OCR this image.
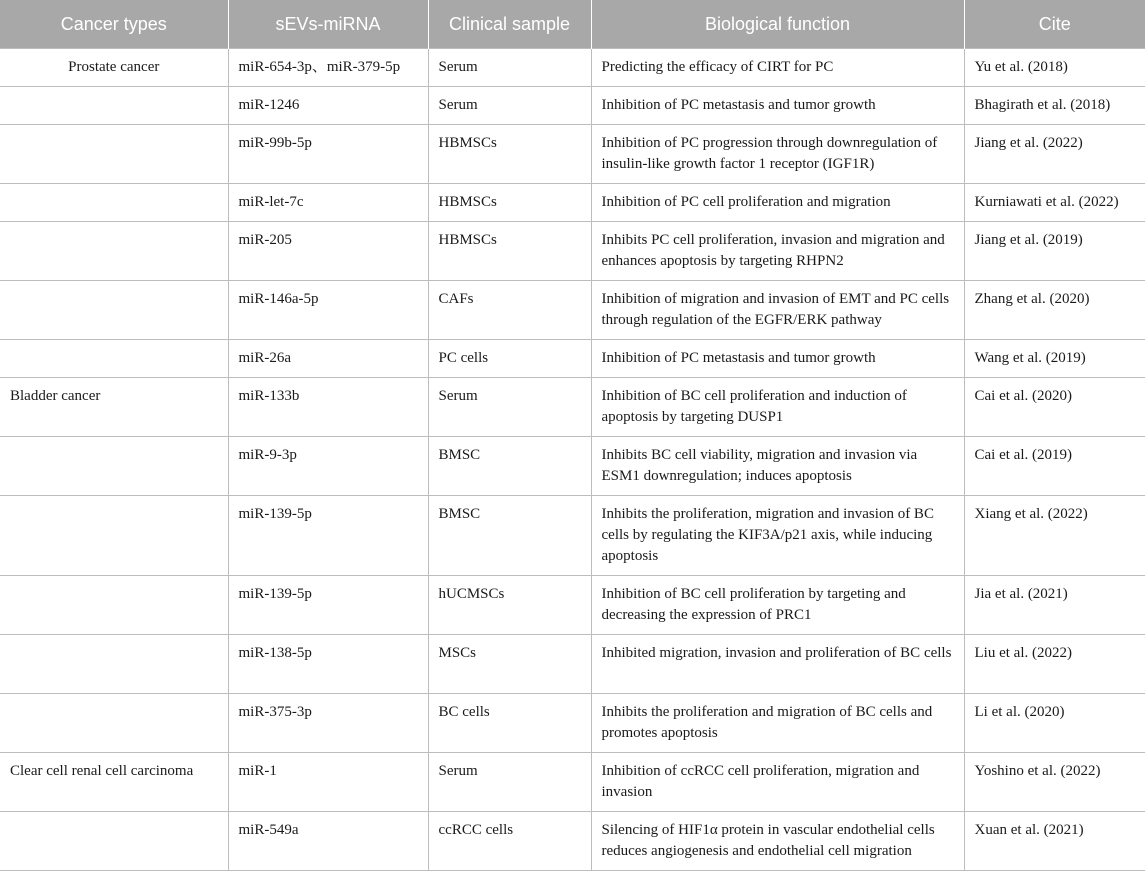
Cancer types	sEVs-miRNA	Clinical sample	Biological function	Cite
Prostate cancer	miR-654-3p、miR-379-5p	Serum	Predicting the efficacy of CIRT for PC	Yu et al. (2018)
	miR-1246	Serum	Inhibition of PC metastasis and tumor growth	Bhagirath et al. (2018)
	miR-99b-5p	HBMSCs	Inhibition of PC progression through downregulation of insulin-like growth factor 1 receptor (IGF1R)	Jiang et al. (2022)
	miR-let-7c	HBMSCs	Inhibition of PC cell proliferation and migration	Kurniawati et al. (2022)
	miR-205	HBMSCs	Inhibits PC cell proliferation, invasion and migration and enhances apoptosis by targeting RHPN2	Jiang et al. (2019)
	miR-146a-5p	CAFs	Inhibition of migration and invasion of EMT and PC cells through regulation of the EGFR/ERK pathway	Zhang et al. (2020)
	miR-26a	PC cells	Inhibition of PC metastasis and tumor growth	Wang et al. (2019)
Bladder cancer	miR-133b	Serum	Inhibition of BC cell proliferation and induction of apoptosis by targeting DUSP1	Cai et al. (2020)
	miR-9-3p	BMSC	Inhibits BC cell viability, migration and invasion via ESM1 downregulation; induces apoptosis	Cai et al. (2019)
	miR-139-5p	BMSC	Inhibits the proliferation, migration and invasion of BC cells by regulating the KIF3A/p21 axis, while inducing apoptosis	Xiang et al. (2022)
	miR-139-5p	hUCMSCs	Inhibition of BC cell proliferation by targeting and decreasing the expression of PRC1	Jia et al. (2021)
	miR-138-5p	MSCs	Inhibited migration, invasion and proliferation of BC cells	Liu et al. (2022)
	miR-375-3p	BC cells	Inhibits the proliferation and migration of BC cells and promotes apoptosis	Li et al. (2020)
Clear cell renal cell carcinoma	miR-1	Serum	Inhibition of ccRCC cell proliferation, migration and invasion	Yoshino et al. (2022)
	miR-549a	ccRCC cells	Silencing of HIF1α protein in vascular endothelial cells reduces angiogenesis and endothelial cell migration	Xuan et al. (2021)
